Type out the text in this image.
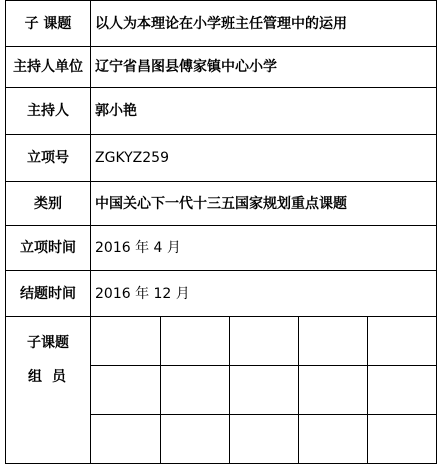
子 课题	以人为本理论在小学班主任管理中的运用				
主持人单位	辽宁省昌图县傅家镇中心小学				
主持人	郭小艳				
立项号	ZGKYZ259				
类别	中国关心下一代十三五国家规划重点课题				
立项时间	2016 年 4 月				
结题时间	2016 年 12 月				

子课题
组员					
